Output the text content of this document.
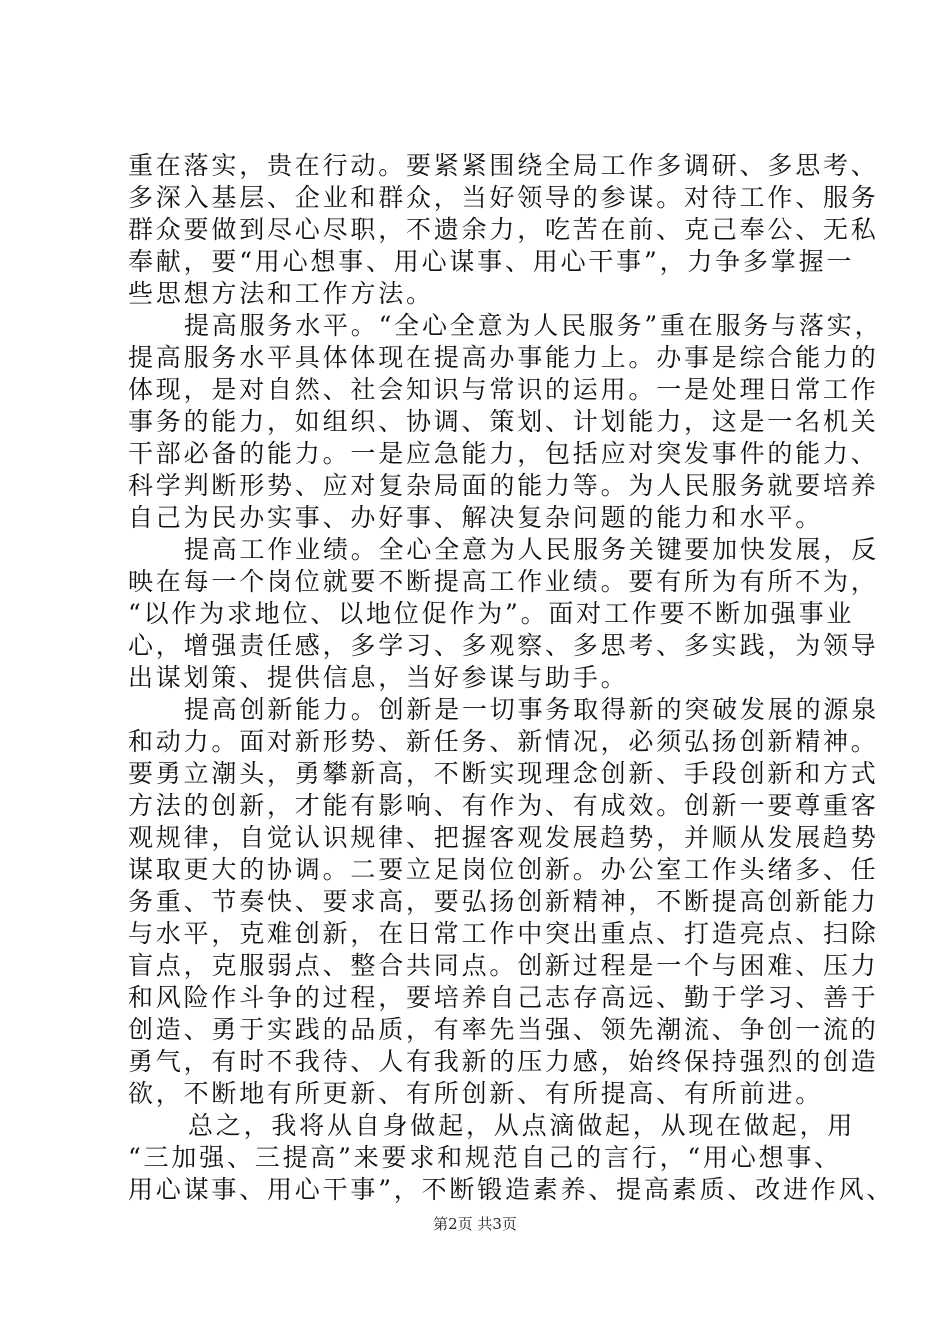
重在落实，贵在行动。要紧紧围绕全局工作多调研、多思考、
多深入基层、企业和群众，当好领导的参谋。对待工作、服务
群众要做到尽心尽职，不遗余力，吃苦在前、克己奉公、无私
奉献，要“用心想事、用心谋事、用心干事”，力争多掌握一
些思想方法和工作方法。
提高服务水平。“全心全意为人民服务”重在服务与落实，
提高服务水平具体体现在提高办事能力上。办事是综合能力的
体现，是对自然、社会知识与常识的运用。一是处理日常工作
事务的能力，如组织、协调、策划、计划能力，这是一名机关
干部必备的能力。一是应急能力，包括应对突发事件的能力、
科学判断形势、应对复杂局面的能力等。为人民服务就要培养
自己为民办实事、办好事、解决复杂问题的能力和水平。
提高工作业绩。全心全意为人民服务关键要加快发展，反
映在每一个岗位就要不断提高工作业绩。要有所为有所不为，
“以作为求地位、以地位促作为”。面对工作要不断加强事业
心，增强责任感，多学习、多观察、多思考、多实践，为领导
出谋划策、提供信息，当好参谋与助手。
提高创新能力。创新是一切事务取得新的突破发展的源泉
和动力。面对新形势、新任务、新情况，必须弘扬创新精神。
要勇立潮头，勇攀新高，不断实现理念创新、手段创新和方式
方法的创新，才能有影响、有作为、有成效。创新一要尊重客
观规律，自觉认识规律、把握客观发展趋势，并顺从发展趋势
谋取更大的协调。二要立足岗位创新。办公室工作头绪多、任
务重、节奏快、要求高，要弘扬创新精神，不断提高创新能力
与水平，克难创新，在日常工作中突出重点、打造亮点、扫除
盲点，克服弱点、整合共同点。创新过程是一个与困难、压力
和风险作斗争的过程，要培养自己志存高远、勤于学习、善于
创造、勇于实践的品质，有率先当强、领先潮流、争创一流的
勇气，有时不我待、人有我新的压力感，始终保持强烈的创造
欲，不断地有所更新、有所创新、有所提高、有所前进。
总之，我将从自身做起，从点滴做起，从现在做起，用
“三加强、三提高”来要求和规范自己的言行，“用心想事、
用心谋事、用心干事”，不断锻造素养、提高素质、改进作风、
第2页 共3页
